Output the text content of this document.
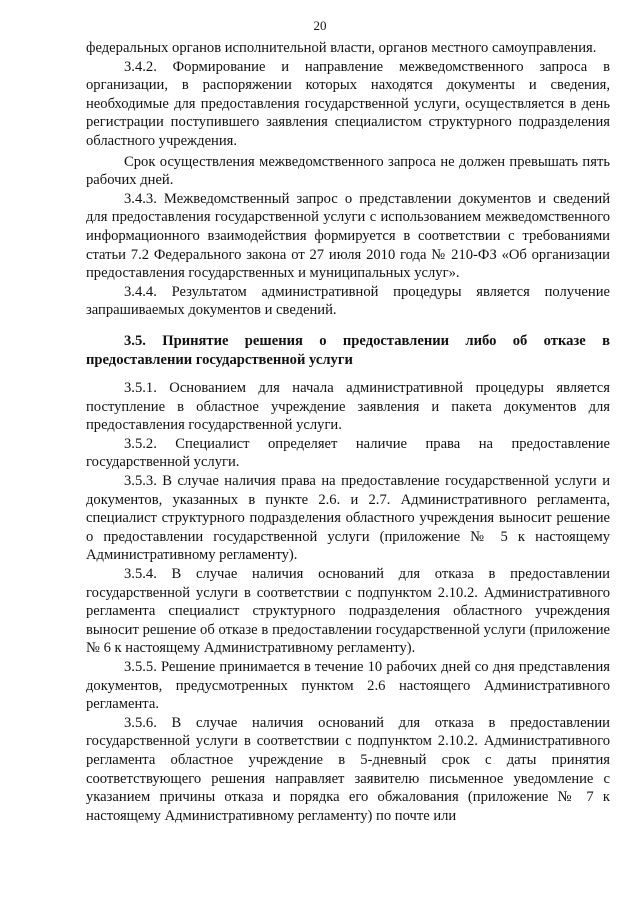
20

федеральных органов исполнительной власти, органов местного самоуправления.

3.4.2. Формирование и направление межведомственного запроса в организации, в распоряжении которых находятся документы и сведения, необходимые для предоставления государственной услуги, осуществляется в день регистрации поступившего заявления специалистом структурного подразделения областного учреждения.

Срок осуществления межведомственного запроса не должен превышать пять рабочих дней.

3.4.3. Межведомственный запрос о представлении документов и сведений для предоставления государственной услуги с использованием межведомственного информационного взаимодействия формируется в соответствии с требованиями статьи 7.2 Федерального закона от 27 июля 2010 года № 210-ФЗ «Об организации предоставления государственных и муниципальных услуг».

3.4.4. Результатом административной процедуры является получение запрашиваемых документов и сведений.

3.5. Принятие решения о предоставлении либо об отказе в предоставлении государственной услуги

3.5.1. Основанием для начала административной процедуры является поступление в областное учреждение заявления и пакета документов для предоставления государственной услуги.

3.5.2. Специалист определяет наличие права на предоставление государственной услуги.

3.5.3. В случае наличия права на предоставление государственной услуги и документов, указанных в пункте 2.6. и 2.7. Административного регламента, специалист структурного подразделения областного учреждения выносит решение о предоставлении государственной услуги (приложение № 5 к настоящему Административному регламенту).

3.5.4. В случае наличия оснований для отказа в предоставлении государственной услуги в соответствии с подпунктом 2.10.2. Административного регламента специалист структурного подразделения областного учреждения выносит решение об отказе в предоставлении государственной услуги (приложение № 6 к настоящему Административному регламенту).

3.5.5. Решение принимается в течение 10 рабочих дней со дня представления документов, предусмотренных пунктом 2.6 настоящего Административного регламента.

3.5.6. В случае наличия оснований для отказа в предоставлении государственной услуги в соответствии с подпунктом 2.10.2. Административного регламента областное учреждение в 5-дневный срок с даты принятия соответствующего решения направляет заявителю письменное уведомление с указанием причины отказа и порядка его обжалования (приложение № 7 к настоящему Административному регламенту) по почте или
